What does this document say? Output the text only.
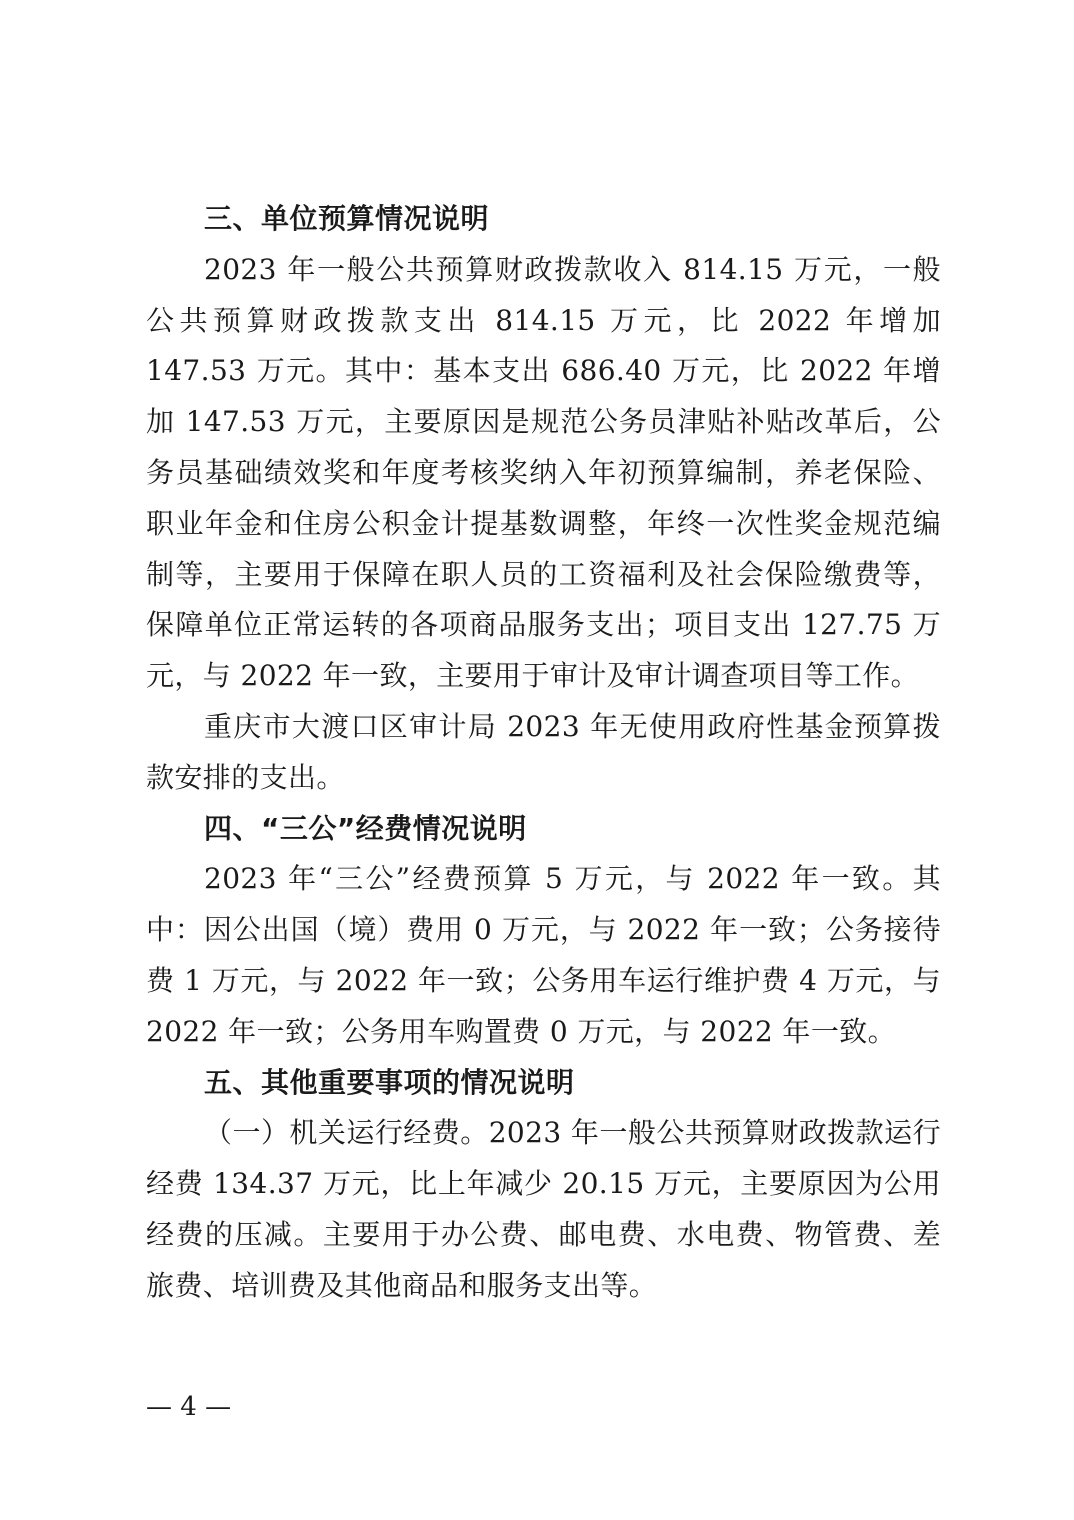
三、单位预算情况说明

2023 年一般公共预算财政拨款收入 814.15 万元，一般公共预算财政拨款支出 814.15 万元，比 2022 年增加 147.53 万元。其中：基本支出 686.40 万元，比 2022 年增加 147.53 万元，主要原因是规范公务员津贴补贴改革后，公务员基础绩效奖和年度考核奖纳入年初预算编制，养老保险、职业年金和住房公积金计提基数调整，年终一次性奖金规范编制等，主要用于保障在职人员的工资福利及社会保险缴费等，保障单位正常运转的各项商品服务支出；项目支出 127.75 万元，与 2022 年一致，主要用于审计及审计调查项目等工作。

重庆市大渡口区审计局 2023 年无使用政府性基金预算拨款安排的支出。

四、“三公”经费情况说明

2023 年“三公”经费预算 5 万元，与 2022 年一致。其中：因公出国（境）费用 0 万元，与 2022 年一致；公务接待费 1 万元，与 2022 年一致；公务用车运行维护费 4 万元，与 2022 年一致；公务用车购置费 0 万元，与 2022 年一致。

五、其他重要事项的情况说明

（一）机关运行经费。2023 年一般公共预算财政拨款运行经费 134.37 万元，比上年减少 20.15 万元，主要原因为公用经费的压减。主要用于办公费、邮电费、水电费、物管费、差旅费、培训费及其他商品和服务支出等。

— 4 —
